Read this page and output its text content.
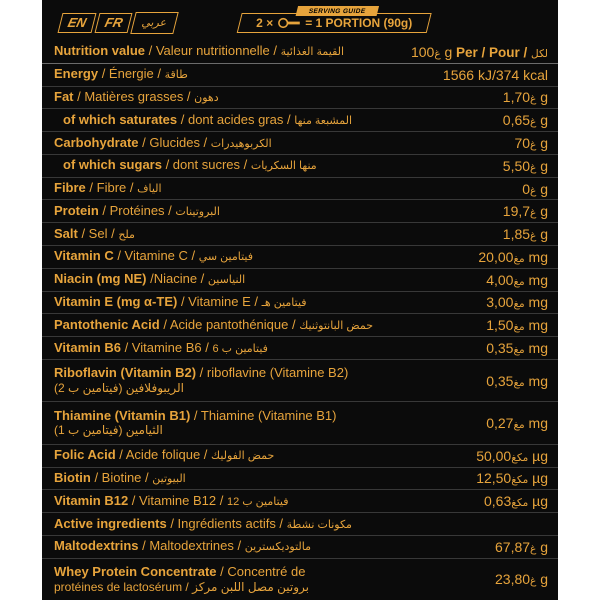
EN	FR	عربي
SERVING GUIDE
2 ×	= 1 PORTION (90g)
Nutrition value / Valeur nutritionnelle / القيمة الغذائية	غ100 g Per / Pour / لكل
Energy / Énergie / طاقة	1566 kJ/374 kcal
Fat / Matières grasses / دهون	غ1,70 g
of which saturates / dont acides gras / المشبعة منها	غ0,65 g
Carbohydrate / Glucides / الكربوهيدرات	غ70 g
of which sugars / dont sucres / منها السكريات	غ5,50 g
Fibre / Fibre / الياف	غ0 g
Protein / Protéines / البروتينات	غ19,7 g
Salt / Sel / ملح	غ1,85 g
Vitamin C / Vitamine C / فيتامين سي	مغ20,00 mg
Niacin (mg NE) /Niacine / النياسين	مغ4,00 mg
Vitamin E (mg α-TE) / Vitamine E / فيتامين هـ	مغ3,00 mg
Pantothenic Acid / Acide pantothénique / حمض البانتوثنيك	مغ1,50 mg
Vitamin B6 / Vitamine B6 / فيتامين ب 6	مغ0,35 mg
Riboflavin (Vitamin B2) / riboflavine (Vitamine B2)
الريبوفلافين (فيتامين ب 2)	مغ0,35 mg
Thiamine (Vitamin B1) / Thiamine (Vitamine B1)
الثيامين (فيتامين ب 1)	مغ0,27 mg
Folic Acid / Acide folique / حمض الفوليك	مكغ50,00 µg
Biotin / Biotine / البيوتين	مكغ12,50 µg
Vitamin B12 / Vitamine B12 / فيتامين ب 12	مكغ0,63 µg
Active ingredients / Ingrédients actifs / مكونات نشطة
Maltodextrins / Maltodextrines / مالتوديكسترين	غ67,87 g
Whey Protein Concentrate / Concentré de
protéines de lactosérum / بروتين مصل اللبن مركز	غ23,80 g
